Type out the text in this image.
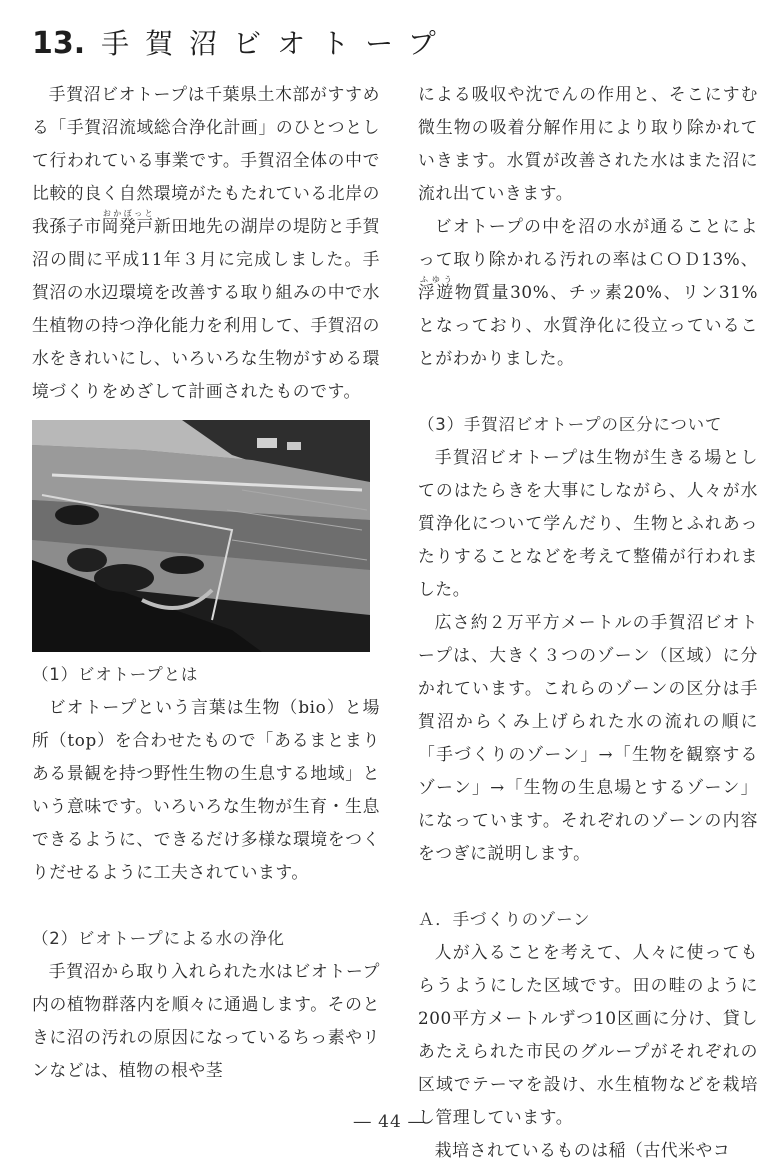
13. 手賀沼ビオトープ

手賀沼ビオトープは千葉県土木部がすすめる「手賀沼流域総合浄化計画」のひとつとして行われている事業です。手賀沼全体の中で比較的良く自然環境がたもたれている北岸の我孫子市岡発戸おかぼっと新田地先の湖岸の堤防と手賀沼の間に平成11年３月に完成しました。手賀沼の水辺環境を改善する取り組みの中で水生植物の持つ浄化能力を利用して、手賀沼の水をきれいにし、いろいろな生物がすめる環境づくりをめざして計画されたものです。

（1）ビオトープとは

ビオトープという言葉は生物（bio）と場所（top）を合わせたもので「あるまとまりある景観を持つ野性生物の生息する地域」という意味です。いろいろな生物が生育・生息できるように、できるだけ多様な環境をつくりだせるように工夫されています。

（2）ビオトープによる水の浄化

手賀沼から取り入れられた水はビオトープ内の植物群落内を順々に通過します。そのときに沼の汚れの原因になっているちっ素やリンなどは、植物の根や茎

による吸収や沈でんの作用と、そこにすむ微生物の吸着分解作用により取り除かれていきます。水質が改善された水はまた沼に流れ出ていきます。

ビオトープの中を沼の水が通ることによって取り除かれる汚れの率はＣＯＤ13%、浮遊ふゆう物質量30%、チッ素20%、リン31%となっており、水質浄化に役立っていることがわかりました。

（3）手賀沼ビオトープの区分について

手賀沼ビオトープは生物が生きる場としてのはたらきを大事にしながら、人々が水質浄化について学んだり、生物とふれあったりすることなどを考えて整備が行われました。

広さ約２万平方メートルの手賀沼ビオトープは、大きく３つのゾーン（区域）に分かれています。これらのゾーンの区分は手賀沼からくみ上げられた水の流れの順に「手づくりのゾーン」→「生物を観察するゾーン」→「生物の生息場とするゾーン」になっています。それぞれのゾーンの内容をつぎに説明します。

Ａ．手づくりのゾーン

人が入ることを考えて、人々に使ってもらうようにした区域です。田の畦のように200平方メートルずつ10区画に分け、貸しあたえられた市民のグループがそれぞれの区域でテーマを設け、水生植物などを栽培し管理しています。

栽培されているものは稲（古代米やコ

― 44 ―
